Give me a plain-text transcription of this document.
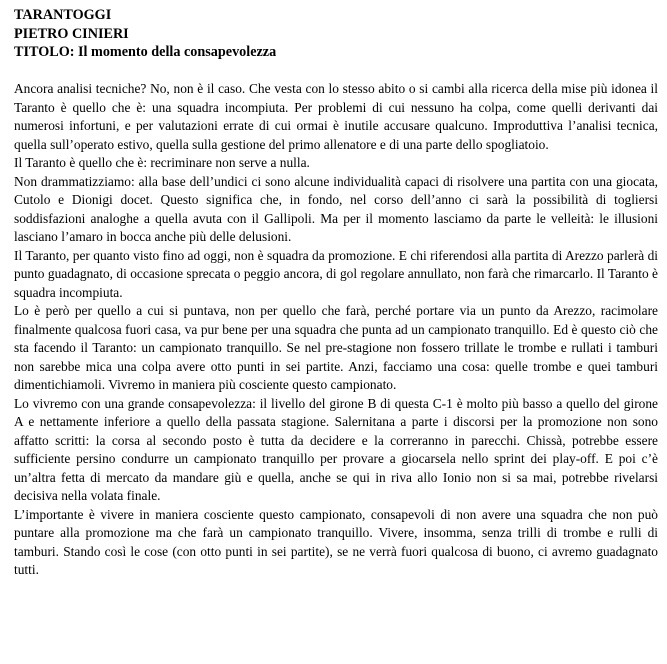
TARANTOGGI

PIETRO CINIERI

TITOLO: Il momento della consapevolezza

Ancora analisi tecniche? No, non è il caso. Che vesta con lo stesso abito o si cambi alla ricerca della mise più idonea il Taranto è quello che è: una squadra incompiuta. Per problemi di cui nessuno ha colpa, come quelli derivanti dai numerosi infortuni, e per valutazioni errate di cui ormai è inutile accusare qualcuno. Improduttiva l’analisi tecnica, quella sull’operato estivo, quella sulla gestione del primo allenatore e di una parte dello spogliatoio.

Il Taranto è quello che è: recriminare non serve a nulla.

Non drammatizziamo: alla base dell’undici ci sono alcune individualità capaci di risolvere una partita con una giocata, Cutolo e Dionigi docet. Questo significa che, in fondo, nel corso dell’anno ci sarà la possibilità di togliersi soddisfazioni analoghe a quella avuta con il Gallipoli. Ma per il momento lasciamo da parte le velleità: le illusioni lasciano l’amaro in bocca anche più delle delusioni.

Il Taranto, per quanto visto fino ad oggi, non è squadra da promozione. E chi riferendosi alla partita di Arezzo parlerà di punto guadagnato, di occasione sprecata o peggio ancora, di gol regolare annullato, non farà che rimarcarlo. Il Taranto è squadra incompiuta.

Lo è però per quello a cui si puntava, non per quello che farà, perché portare via un punto da Arezzo, racimolare finalmente qualcosa fuori casa, va pur bene per una squadra che punta ad un campionato tranquillo. Ed è questo ciò che sta facendo il Taranto: un campionato tranquillo. Se nel pre-stagione non fossero trillate le trombe e rullati i tamburi non sarebbe mica una colpa avere otto punti in sei partite. Anzi, facciamo una cosa: quelle trombe e quei tamburi dimentichiamoli. Vivremo in maniera più cosciente questo campionato.

Lo vivremo con una grande consapevolezza: il livello del girone B di questa C-1 è molto più basso a quello del girone A e nettamente inferiore a quello della passata stagione. Salernitana a parte i discorsi per la promozione non sono affatto scritti: la corsa al secondo posto è tutta da decidere e la correranno in parecchi. Chissà, potrebbe essere sufficiente persino condurre un campionato tranquillo per provare a giocarsela nello sprint dei play-off. E poi c’è un’altra fetta di mercato da mandare giù e quella, anche se qui in riva allo Ionio non si sa mai, potrebbe rivelarsi decisiva nella volata finale.

L’importante è vivere in maniera cosciente questo campionato, consapevoli di non avere una squadra che non può puntare alla promozione ma che farà un campionato tranquillo. Vivere, insomma, senza trilli di trombe e rulli di tamburi. Stando così le cose (con otto punti in sei partite), se ne verrà fuori qualcosa di buono, ci avremo guadagnato tutti.
